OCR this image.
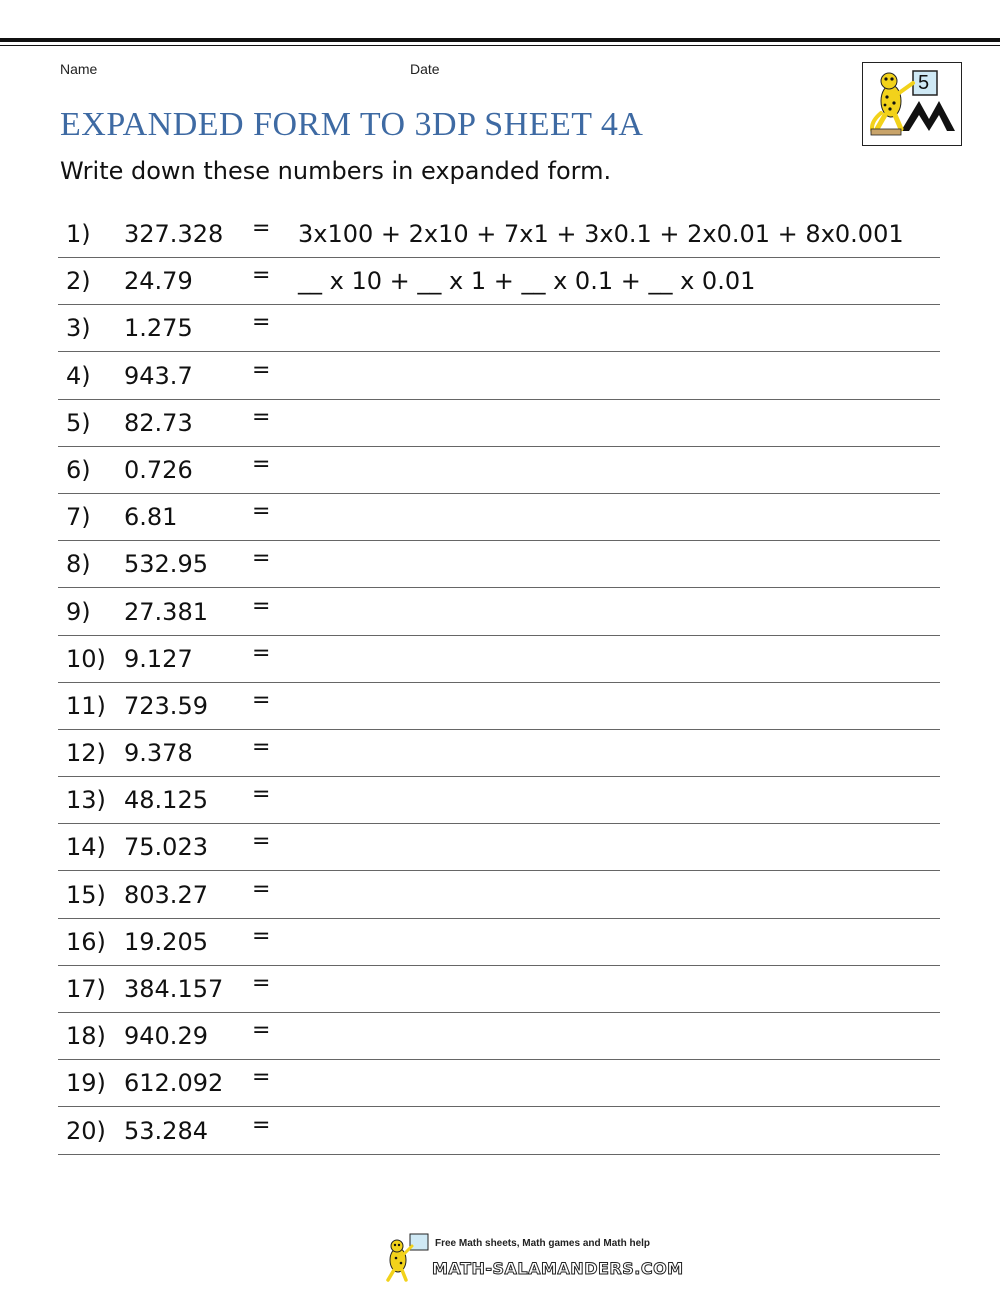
Name	Date
5
EXPANDED FORM TO 3DP SHEET 4A
Write down these numbers in expanded form.
1) 327.328 = 3x100 + 2x10 + 7x1 + 3x0.1 + 2x0.01 + 8x0.001
2) 24.79	= __ x 10 + __ x 1 + __ x 0.1 + __ x 0.01
3) 1.275	=
4) 943.7	=
5) 82.73	=
6) 0.726	=
7) 6.81	=
8) 532.95 =
9) 27.381 =
10) 9.127	=
11) 723.59 =
12) 9.378	=
13) 48.125 =
14) 75.023 =
15) 803.27 =
16) 19.205 =
17) 384.157 =
18) 940.29 =
19) 612.092 =
20) 53.284 =
Free Math sheets, Math games and Math help
MATH-SALAMANDERS.COM
